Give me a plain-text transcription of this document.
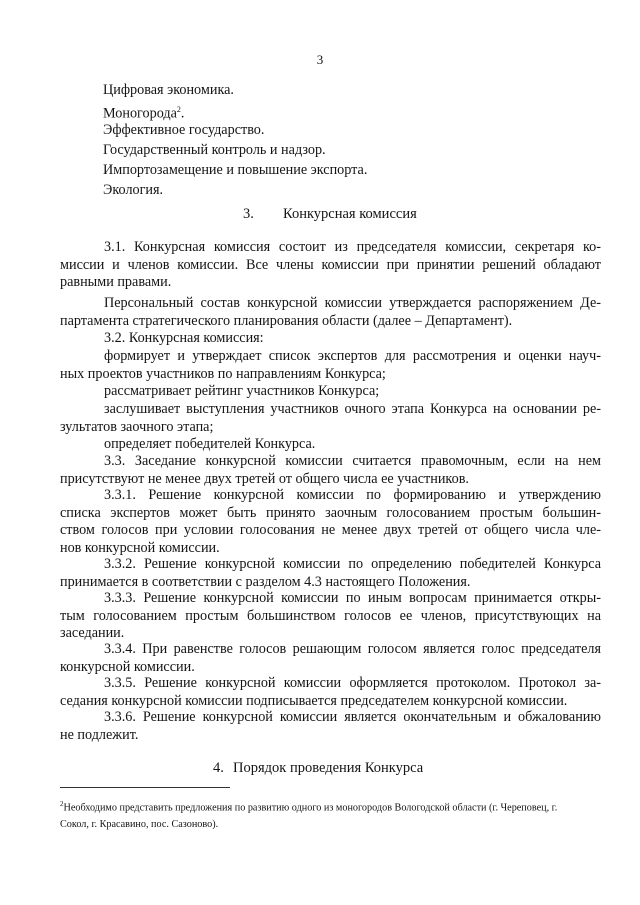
3
Цифровая экономика.
Моногорода$^2$.
Эффективное государство.
Государственный контроль и надзор.
Импортозамещение и повышение экспорта.
Экология.
3. Конкурсная комиссия
3.1. Конкурсная комиссия состоит из председателя комиссии, секретаря ко-
миссии и членов комиссии. Все члены комиссии при принятии решений обладают
равными правами.
Персональный состав конкурсной комиссии утверждается распоряжением Де-
партамента стратегического планирования области (далее – Департамент).
3.2. Конкурсная комиссия:
формирует и утверждает список экспертов для рассмотрения и оценки науч-
ных проектов участников по направлениям Конкурса;
рассматривает рейтинг участников Конкурса;
заслушивает выступления участников очного этапа Конкурса на основании ре-
зультатов заочного этапа;
определяет победителей Конкурса.
3.3. Заседание конкурсной комиссии считается правомочным, если на нем
присутствуют не менее двух третей от общего числа ее участников.
3.3.1. Решение конкурсной комиссии по формированию и утверждению
списка экспертов может быть принято заочным голосованием простым большин-
ством голосов при условии голосования не менее двух третей от общего числа чле-
нов конкурсной комиссии.
3.3.2. Решение конкурсной комиссии по определению победителей Конкурса
принимается в соответствии с разделом 4.3 настоящего Положения.
3.3.3. Решение конкурсной комиссии по иным вопросам принимается откры-
тым голосованием простым большинством голосов ее членов, присутствующих на
заседании.
3.3.4. При равенстве голосов решающим голосом является голос председателя
конкурсной комиссии.
3.3.5. Решение конкурсной комиссии оформляется протоколом. Протокол за-
седания конкурсной комиссии подписывается председателем конкурсной комиссии.
3.3.6. Решение конкурсной комиссии является окончательным и обжалованию
не подлежит.
4. Порядок проведения Конкурса
$^2$Необходимо представить предложения по развитию одного из моногородов Вологодской области (г. Череповец, г.
Сокол, г. Красавино, пос. Сазоново).
